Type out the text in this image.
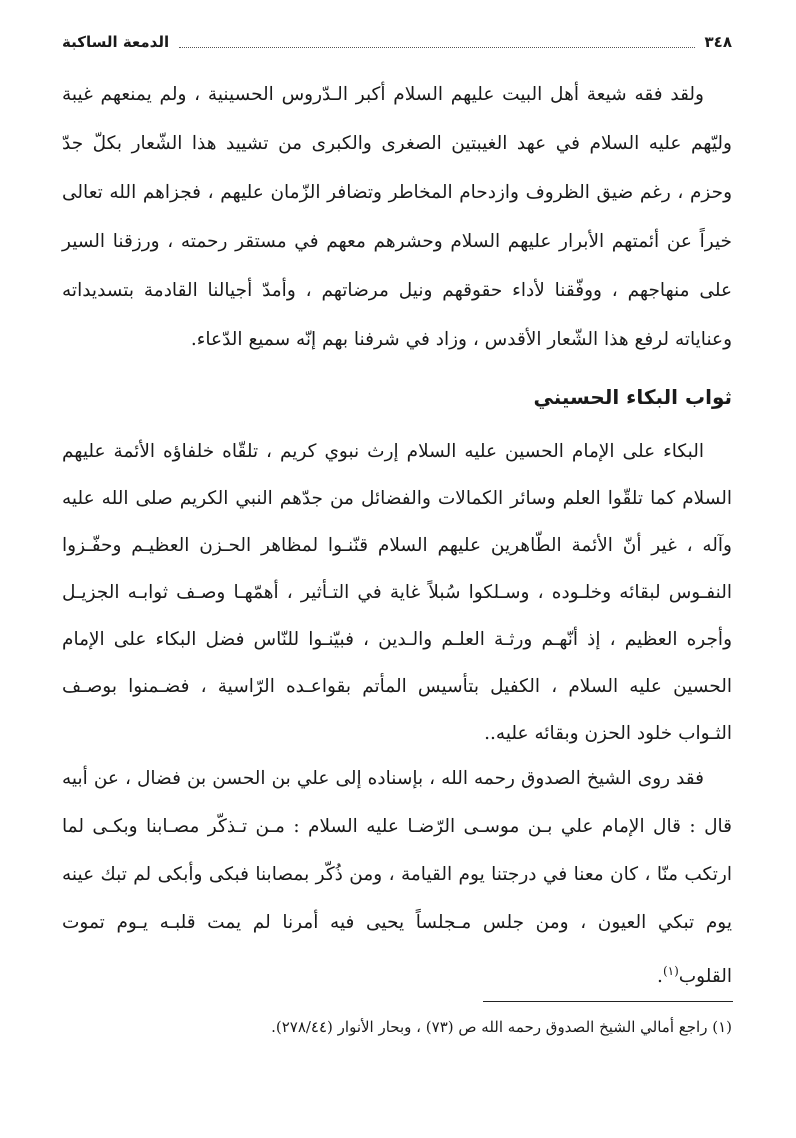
٣٤٨
الدمعة الساكبة

ولقد فقه شيعة أهل البيت عليهم السلام أكبر الـدّروس الحسينية ، ولم يمنعهم غيبة وليّهم عليه السلام في عهد الغيبتين الصغرى والكبرى من تشييد هذا الشّعار بكلّ جدّ وحزم ، رغم ضيق الظروف وازدحام المخاطر وتضافر الزّمان عليهم ، فجزاهم الله تعالى خيراً عن أئمتهم الأبرار عليهم السلام وحشرهم معهم في مستقر رحمته ، ورزقنا السير على منهاجهم ، ووفّقنا لأداء حقوقهم ونيل مرضاتهم ، وأمدّ أجيالنا القادمة بتسديداته وعناياته لرفع هذا الشّعار الأقدس ، وزاد في شرفنا بهم إنّه سميع الدّعاء.

ثواب البكاء الحسيني

البكاء على الإمام الحسين عليه السلام إرث نبوي كريم ، تلقّاه خلفاؤه الأئمة عليهم السلام كما تلقّوا العلم وسائر الكمالات والفضائل من جدّهم النبي الكريم صلى الله عليه وآله ، غير أنّ الأئمة الطّاهرين عليهم السلام قنّنـوا لمظاهر الحـزن العظيـم وحفّـزوا النفـوس لبقائه وخلـوده ، وسـلكوا سُبلاً غاية في التـأثير ، أهمّهـا وصـف ثوابـه الجزيـل وأجره العظيم ، إذ أنّهـم ورثـة العلـم والـدين ، فبيّنـوا للنّاس فضل البكاء على الإمام الحسين عليه السلام ، الكفيل بتأسيس المأتم بقواعـده الرّاسية ، فضـمنوا بوصـف الثـواب خلود الحزن وبقائه عليه..

فقد روى الشيخ الصدوق رحمه الله ، بإسناده إلى علي بن الحسن بن فضال ، عن أبيه قال : قال الإمام علي بـن موسـى الرّضـا عليه السلام : مـن تـذكّر مصـابنا وبكـى لما ارتكب منّا ، كان معنا في درجتنا يوم القيامة ، ومن ذُكّر بمصابنا فبكى وأبكى لم تبك عينه يوم تبكي العيون ، ومن جلس مـجلساً يحيى فيه أمرنا لم يمت قلبـه يـوم تموت القلوب$^{(١)}$.

(١) راجع أمالي الشيخ الصدوق رحمه الله ص (٧٣) ، وبحار الأنوار (٢٧٨/٤٤).
